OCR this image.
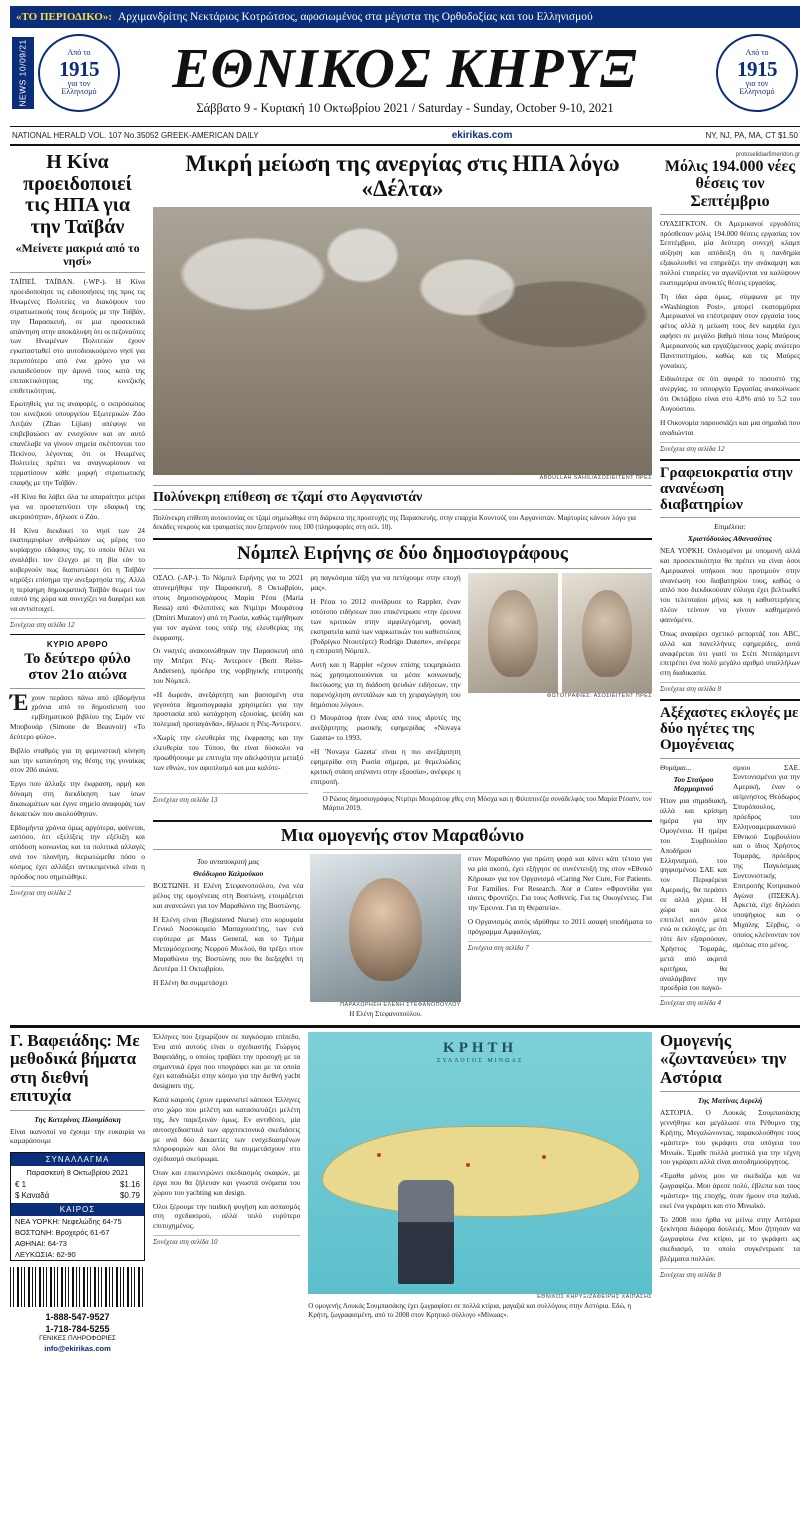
«ΤΟ ΠΕΡΙΟΔΙΚΟ»: Αρχιμανδρίτης Νεκτάριος Κοτρώτσος, αφοσιωμένος στα μέγιστα της Ορθοδοξίας και του Ελληνισμού
NEWS 10/09/21	Από το
1915
για τον
Ελληνισμό ΕΘΝΙΚΟΣ ΚΗΡΥΞ
Σάββατο 9 - Κυριακή 10 Οκτωβρίου 2021 / Saturday - Sunday, October 9-10, 2021
Από το
1915
για τον
Ελληνισμό
NATIONAL HERALD VOL. 107 No.35052 GREEK-AMERICAN DAILY	ekirikas.com	NY, NJ, PA, MA, CT $1.50
Η Κίνα προειδοποιεί τις ΗΠΑ για την Ταϊβάν
«Μείνετε μακριά από τo νησί»

ΤΑΪΠΕΪ, ΤΑΪΒΑΝ. (-WP-). Η Κίνα προειδοποίησε τις ειδοποιήσεις της προς τις Ηνωμένες Πολιτείες να διακόψουν του στρατιωτικούς τους δεσμούς με την Ταϊβάν, την Παρασκευή, σε μια προσεκτικά απάντηση στην αποκάλυψη ότι οι πεζοναύτες των Ηνωμένων Πολιτειών έχουν εγκατασταθεί στο αυτοδιοικούμενο νησί για περισσότερο από ένα χρόνο για να εκπαιδεύσουν την άμυνά τους κατά της επιτακτικότητας της κινεζικής επιθετικότητας.

Ερωτηθείς για τις αναφορές, ο εκπρόσωπος του κινεζικού υπουργείου Εξωτερικών Ζάο Λιτζιάν (Zhao Lijian) απέφυγε να επιβεβαιώσει αν ενισχύουν και αν αυτό επανέλαβε να γίνουν σημεία σκέπτονται του Πεκίνου, λέγοντας ότι οι Ηνωμένες Πολιτείες πρέπει να αναγνωρίσουν να τερματίσουν κάθε μορφή στρατιωτικής επαφής με την Ταϊβάν.

«Η Κίνα θα λάβει όλα τα απαραίτητα μέτρα για να προστατεύσει την εδαφική της ακεραιότητα», δήλωσε ο Ζάο.

Η Κίνα διεκδικεί το νησί των 24 εκατομμυρίων ανθρώπων ως μέρος του κυρίαρχου εδάφους της, το οποίο θέλει να αναλάβει τον έλεγχο με τη βία εάν το κυβερνούν πως διαπιστώσει ότι η Ταϊβάν κηρύξει επίσημα την ανεξαρτησία της. Αλλά η περίφημη δημοκρατική Ταϊβάν θεωρεί τον εαυτό της χώρα και συνεχίζει να διαφέρει και να αντιστοιχεί.

Συνέχεια στη σελίδα 12
ΚΥΡΙΟ ΑΡΘΡΟ
Το δεύτερο φύλο στον 21ο αιώνα

Έχουν περάσει πάνω από εβδομήντα χρόνια από το δημοσίευση του εμβληματικού βιβλίου της Σιμόν ντε Μποβουάρ (Simone de Beauvoir) «Το δεύτερο φύλο».

Βιβλίο σταθμός για τη φεμινιστική κίνηση και την κατανόηση της θέσης της γυναίκας στον 20ό αιώνα.

Έργο που άλλαξε την έκφραση, ορμή και δύναμη στη διεκδίκηση των ίσων δικαιωμάτων και έγινε σημείο αναφοράς των δεκαετιών που ακολούθησαν.

Εβδομήντα χρόνια όμως αργότερα, φαίνεται, ωστόσο, ότι εξελίξεις την εξέλιξη και απόδοση κοινωνίας και τα πολιτικά αλλαγές ανά τον πλανήτη, διερωτώμεθα πόσο ο κόσμος έχει αλλάξει αντικειμενικά είναι η πρόοδος που σημειώθηκε.

Συνέχεια στη σελίδα 2
Μικρή μείωση της ανεργίας στις ΗΠΑ λόγω «Δέλτα»
ABDULLAH SAHIL/ΑΣΟΣΙΕΪΤΕΝΤ ΠΡΕΣ
Πολύνεκρη επίθεση σε τζαμί στο Αφγανιστάν
Πολύνεκρη επίθεση αυτοκτονίας σε τζαμί σημειώθηκε στη διάρκεια της προσευχής της Παρασκευής, στην επαρχία Κουντούζ του Αφγανιστάν. Μαρτυρίες κάνουν λόγο για δεκάδες νεκρούς και τραυματίες που ξεπερνούν τους 100 (πληροφορίες στη σελ. 10).
Νόμπελ Ειρήνης σε δύο δημοσιογράφους

ΟΣΛΟ. (-AP-). Το Νόμπελ Ειρήνης για το 2021 απονεμήθηκε την Παρασκευή, 8 Οκτωβρίου, στους δημοσιογράφους Μαρία Ρέσα (Maria Ressa) από Φιλιππίνες και Ντμίτρι Μουράτοφ (Dmitri Muratov) από τη Ρωσία, καθώς τιμήθηκαν για τον αγώνα τους υπέρ της ελευθερίας της έκφρασης.

Οι νικητές ανακοινώθηκαν την Παρασκευή από την Μπέριτ Ρέις- Άντερσεν (Berit Reiss-Andersen), πρόεδρο της νορβηγικής επιτροπής του Νόμπελ.

«Η δωρεάν, ανεξάρτητη και βασισμένη στα γεγονότα δημοσιογραφία χρησιμεύει για την προστασία από κατάχρηση εξουσίας, ψεύδη και πολεμική προπαγάνδα», δήλωσε η Ρέις-Άντερσεν.

«Χωρίς την ελευθερία της έκφρασης και την ελευθερία του Τύπου, θα είναι δύσκολο να προωθήσουμε με επιτυχία την αδελφότητα μεταξύ των εθνών, τον αφοπλισμό και μια καλύτε-

ρη παγκόσμια τάξη για να πετύχουμε στην εποχή μας».

Η Ρέσα το 2012 συνίδρυσε το Rappler, έναν ιστότοπο ειδήσεων που επικέντρωσε «την έρευνα των κριτικών στην αμφιλεγόμενη, φονική εκστρατεία κατά των ναρκωτικών του καθεστώτος (Ροδρίγκο Ντουτέρτε) Rodrigo Duterte», ανέφερε η επιτροπή Νόμπελ.

Αυτή και η Rappler «έχουν επίσης τεκμηριώσει πώς χρησιμοποιούνται τα μέσα κοινωνικής δικτύωσης για τη διάδοση ψευδών ειδήσεων, την παρενόχληση αντιπάλων και τη χειραγώγηση του δημόσιου λόγου».

Ο Μουράτοφ ήταν ένας από τους ιδρυτές της ανεξάρτητης ρωσικής εφημερίδας «Novaya Gazeta» το 1993.

«Η 'Novaya Gazeta' είναι η πιο ανεξάρτητη εφημερίδα στη Ρωσία σήμερα, με θεμελιώδεις κριτική στάση απέναντι στην εξουσία», ανέφερε η επιτροπή.

ΦΩΤΟΓΡΑΦΙΕΣ: ΑΣΟΣΙΕΪΤΕΝΤ ΠΡΕΣ
Συνέχεια στη σελίδα 13	Ο Ρώσος δημοσιογράφος Ντμίτρι Μουράτοφ χθες στη Μόσχα και η Φιλιππινέζα συνάδελφός του Μαρία Ρέσατν, τον Μάρτιο 2019.
Μια ομογενής στον Μαραθώνιο
Του ανταποκριτή μας
Θεόδωρου Καλμούκου

ΒΟΣΤΩΝΗ. Η Ελένη Στεφανοπούλου, ένα νέα μέλος της ομογένειας στη Βοστώνη, ετοιμάζεται και ανανεώνει για τον Μαραθώνιο της Βοστώνης.

Η Ελένη είναι (Registered Nurse) στο κορυφαία Γενικό Νοσοκομείο Μασαχουσέτης, των ενά ευρύτερα με Mass General, και το Τμήμα Μεταμόσχευσης Νεφρού Μυελού, θα τρέξει στον Μαραθώνιο της Βοστώνης που θα διεξαχθεί τη Δευτέρα 11 Οκτωβρίου.

Η Ελένη θα συμμετάσχει
ΠΑΡΑΧΩΡΗΣΗ ΕΛΕΝΗ ΣΤΕΦΑΝΟΠΟΥΛΟΥ
Η Ελένη Στεφανοπούλου.

στον Μαραθώνιο για πρώτη φορά και κάνει κάτι τέτοιο για να μία σκοπό, έχει εξήγησε σε συνέντευξή της στον «Εθνικό Κήρυκα» για τον Οργανισμό «Caring Νer Cure, For Patients. For Families. For Research. Άor α Cure» «Φροντίδα για ιάσεις Φροντίζει. Για τους Ασθενείς. Για τις Οικογένειες. Για την Έρευνα. Για τη Θεραπεία».

Ο Οργανισμός αυτός ιδρύθηκε το 2011 ασαφή υποδήματα το πρόγραμμα Αμφαλογίας.

Συνέχεια στη σελίδα 7
protoselidaefimeridon.gr
Μόλις 194.000 νέες θέσεις τον Σεπτέμβριο

ΟΥΑΣΙΓΚΤΟΝ. Οι Αμερικανοί εργοδότες πρόσθεσαν μόλις 194.000 θέσεις εργασίας τον Σεπτέμβριο, μία δεύτερη συνεχή κλαμπ αύξηση και απόδειξη ότι η πανδημία εξακολουθεί να επηρεάζει την ανάκαμψη και πολλοί εταιρείες να αγωνίζονται να καλύψουν εκατομμύρια ανοικτές θέσεις εργασίας.

Τη ίδια ώρα όμως, σύμφωνα με την «Washington Post», μπορεί εκατομμύρια Αμερικανοί να επέστρεψαν στον εργασία τους φέτος αλλά η μείωση τους δεν καμψία έχει αφήσει σε μεγάλο βαθμό πίσω τους Μαύρους Αμερικανούς και εργαζόμενους χωρίς ανώτερο Πανεπιστημίου, καθώς και τις Μαύρες γυναίκες.

Ειδικότερα σε ότι αφορά το ποσοστό της ανεργίας, το υπουργείο Εργασίας ανακοίνωσε ότι Οκτώβριο είναι στο 4,8% από το 5,2 του Αυγούστου.

Η Οικονομία παρουσιάζει και μια σημαδιά που αναδιώνται

Συνέχεια στη σελίδα 12
Γραφειοκρατία στην ανανέωση διαβατηρίων
Επιμέλεια:
Χριστόδουλος Αθανασάτος

ΝΕΑ ΥΟΡΚΗ. Οπλισμένοι με υπομονή αλλά και προσεκτικότητα θα πρέπει να είναι όσοι Αμερικανοί υπήκοοι που προτιμούν στην ανανέωση του διαβατηρίου τους, καθώς ο απλό που διεκδικούσαν εύλογα έχει βελτιωθεί του τελευταίου μήνες και η καθυστερήσεις πλέον τείνουν να γίνουν καθημερινό φαινόμενο.

Όπως αναφέρει σχετικό ρεπορτάζ του ABC, αλλά και πανελλήνιες εφημερίδες, αυτά αναφέρεται ότι γιατί το Στέιτ Ντιπάρτμεντ επιτρέπει ένα πολύ μεγάλο αριθμό υπαλλήλων στη διαδικασία.

Συνέχεια στη σελίδα 8
Αξέχαστες εκλογές με δύο ηγέτες της Ομογένειας
Θυμάμαι...
Του Σταύρου Μαρμαρινού
Ήταν μια σημαδιακή, αλλά και κρίσιμη ημέρα για την Ομογένεια. Η ημέρα του Συμβουλίου Αποδήμου Ελληνισμού, του ψηφισμένου ΣΑΕ και τον Περιφέρεια Αμερικής, θα περάσει σε αλλά χέρια. Η χώρα και όλοι επιτελεί αυτόν μετά ενώ οι εκλογές, με ότι τότε δεν εξαιρούσαν, Χρήστος Τομαράς, μετά από ακριτά κριτήρια, θα αναλάμβανε την προεδρία του παγκό-
σμιου ΣΑΕ. Συντονισμένοι για την Αμερική, έναν ο αείμνηστος Θεόδωρος Σπυρόπουλος, πρόεδρος του Ελληνοαμερικανικού Εθνικού Συμβουλίου και ο ίδιος Χρήστος Τομαράς, πρόεδρος της Παγκόσμιας Συντονιστικής Επιτροπής Κυπριακού Αγώνα (ΠΣΕΚΑ). Αρκετά, είχε δηλώσει υποψήφιος και ο Μιχάλης Σέρβος, ο οποίος κλείνονταν τον αμέσως στο μένος.
Συνέχεια στη σελίδα 4
Γ. Βαφειάδης: Με μεθοδικά βήματα στη διεθνή επιτυχία
Της Κατερίνας Πλουμίδακη
Είναι ικανοποί να έχουμε την ευκαιρία να καμαράσουμε
ΣΥΝΑΛΛΑΓΜΑ
Παρασκευή 8 Οκτωβρίου 2021
€ 1	$1.16
$ Καναδά	$0.79
ΚΑΙΡΟΣ
ΝΕΑ ΥΟΡΚΗ: Νεφελώδης 64-75
ΒΟΣΤΩΝΗ: Βροχερός 61-67
ΑΘΗΝΑΙ: 64-73
ΛΕΥΚΩΣΙΑ: 62-90
1-888-547-9527
1-718-784-5255
ΓΕΝΙΚΕΣ ΠΛΗΡΟΦΟΡΙΕΣ
info@ekirikas.com

Έλληνες που ξεχωρίζουν σε παγκόσμιο επίπεδο. Ένα από αυτούς είναι ο σχεδιαστής Γιώργος Βαφειάδης, ο οποίος τραβάει την προσοχή με τα σημαντικά έργα που υπογράφει και με τα οποία έχει καταδιώξει στην κόσμο για την διεθνή yacht designers της.

Κατά καιρούς έχουν εμφανιστεί κάποιοι Έλληνες στο χώρο που μελέτη και κατασκευάζει μελέτη της, δεν παρεξεινάν όμως. Εν αντιθέσει, μία αυτοσχεδιαστικά των αρχιτεκτονικά σκεδιάσεις με ανά δύο δεκαετίες των ενσχεδιασμένων πληροφοριών και όλοι θα συμμετάσχουν στο σχεδιασμό σκεύρωμα.

Όταν και επικεντρώνει σκεδιασμός σκαφών, με έργα που θα ζήλευαν και γνωστά ονόματα του χώρου του yachting και design.

Όλοι ξέρουμε την παιδική φυγήση και ασπασμός στη σχεδιασμού, αλλά πολύ ευρύτερο επιτυχημένος.

Συνέχεια στη σελίδα 10
ΚΡΗΤΗ
ΣΥΛΛΟΓΟΣ ΜΙΝΩΑΣ
ΕΘΝΙΚΟΣ ΚΗΡΥΞ/ΖΑΦΕΙΡΗΣ ΧΑΪΠΑΣΗΣ
Ο ομογενής Λουκάς Σουμπασάκης έχει ζωγραφίσει σε πολλά κτίρια, μαγαζιά και συλλόγους στην Αστόρια. Εδώ, η Κρήτη, ζωγραφισμένη, από το 2008 στον Κρητικό σύλλογο «Μίνωας».
Ομογενής «ζωντανεύει» την Αστόρια
Της Ματίνας Δερελή

ΑΣΤΟΡΙΑ. Ο Λουκάς Σουμπασάκης γεννήθηκε και μεγάλωσε στο Ρέθυμνο της Κρήτης. Μεγαλώνοντας, παρακολούθησε τους «μάστερ» του γκράφιτι στα υπόγεια του Μινωϊκ. Έμαθε πολλά μυστικά για την τέχνη του γκράφιτι αλλά είναι αυτοδημιούργητος.

«Έμαθα μόνος μου να σκεδιάζω και να ζωγραφίζω. Μου άρεσε πολύ, έβλεπα και τους «μάστερ» της εποχής, όταν ήμουν στα παλιά, εκεί ένα γκράφιτι και στο Μινωϊκό.

Το 2008 που ήρθα να μείνω στην Αστόρια ξεκίνησα διάφορα δουλειές. Μου ζήτησαν να ζωγραφίσω ένα κτίριο, με το γκράφιτι ως σκεδιασμό, το οποίο συγκέντρωσε τα βλέμματα πολλών.

Συνέχεια στη σελίδα 8
